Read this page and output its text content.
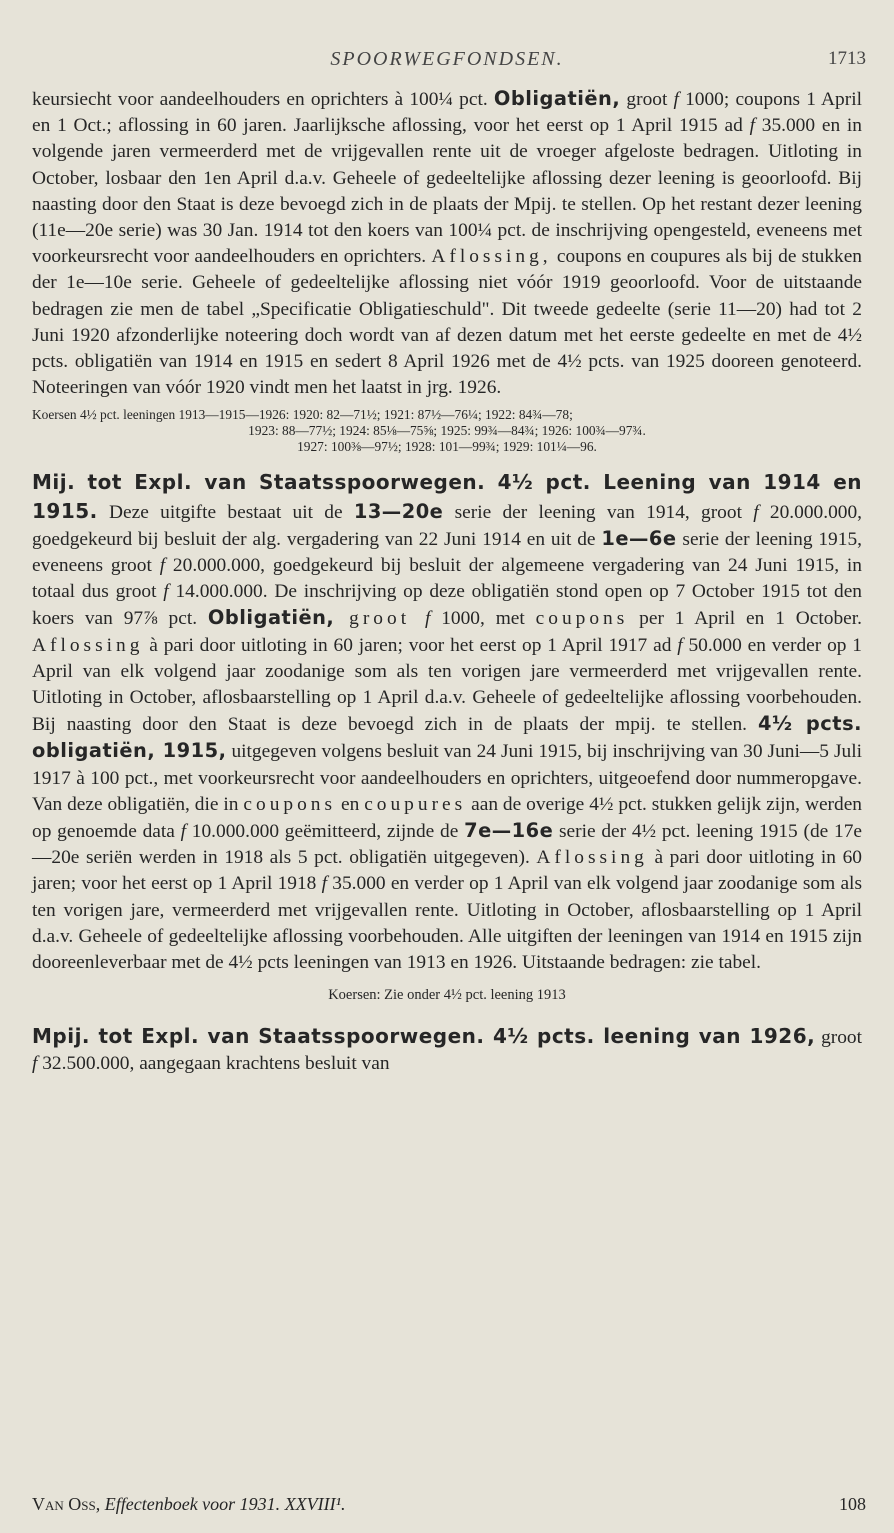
SPOORWEGFONDSEN.	1713

keursiecht voor aandeelhouders en oprichters à 100¼ pct. Obligatiën, groot f 1000; coupons 1 April en 1 Oct.; aflossing in 60 jaren. Jaarlijksche aflossing, voor het eerst op 1 April 1915 ad f 35.000 en in volgende jaren vermeerderd met de vrijgevallen rente uit de vroeger afgeloste bedragen. Uitloting in October, losbaar den 1en April d.a.v. Geheele of gedeeltelijke aflossing dezer leening is geoorloofd. Bij naasting door den Staat is deze bevoegd zich in de plaats der Mpij. te stellen. Op het restant dezer leening (11e—20e serie) was 30 Jan. 1914 tot den koers van 100¼ pct. de inschrijving opengesteld, eveneens met voorkeursrecht voor aandeelhouders en oprichters. Aflossing, coupons en coupures als bij de stukken der 1e—10e serie. Geheele of gedeeltelijke aflossing niet vóór 1919 geoorloofd. Voor de uitstaande bedragen zie men de tabel „Specificatie Obligatieschuld". Dit tweede gedeelte (serie 11—20) had tot 2 Juni 1920 afzonderlijke noteering doch wordt van af dezen datum met het eerste gedeelte en met de 4½ pcts. obligatiën van 1914 en 1915 en sedert 8 April 1926 met de 4½ pcts. van 1925 dooreen genoteerd. Noteeringen van vóór 1920 vindt men het laatst in jrg. 1926.

Koersen 4½ pct. leeningen 1913—1915—1926: 1920: 82—71½; 1921: 87½—76¼; 1922: 84¾—78;
1923: 88—77½; 1924: 85⅛—75⅝; 1925: 99¾—84¾; 1926: 100¾—97¾.
1927: 100⅜—97½; 1928: 101—99¾; 1929: 101¼—96.

Mij. tot Expl. van Staatsspoorwegen. 4½ pct. Leening van 1914 en 1915. Deze uitgifte bestaat uit de 13—20e serie der leening van 1914, groot f 20.000.000, goedgekeurd bij besluit der alg. vergadering van 22 Juni 1914 en uit de 1e—6e serie der leening 1915, eveneens groot f 20.000.000, goedgekeurd bij besluit der algemeene vergadering van 24 Juni 1915, in totaal dus groot f 14.000.000. De inschrijving op deze obligatiën stond open op 7 October 1915 tot den koers van 97⅞ pct. Obligatiën, groot f 1000, met coupons per 1 April en 1 October. Aflossing à pari door uitloting in 60 jaren; voor het eerst op 1 April 1917 ad f 50.000 en verder op 1 April van elk volgend jaar zoodanige som als ten vorigen jare vermeerderd met vrijgevallen rente. Uitloting in October, aflosbaarstelling op 1 April d.a.v. Geheele of gedeeltelijke aflossing voorbehouden. Bij naasting door den Staat is deze bevoegd zich in de plaats der mpij. te stellen. 4½ pcts. obligatiën, 1915, uitgegeven volgens besluit van 24 Juni 1915, bij inschrijving van 30 Juni—5 Juli 1917 à 100 pct., met voorkeursrecht voor aandeelhouders en oprichters, uitgeoefend door nummeropgave. Van deze obligatiën, die in coupons en coupures aan de overige 4½ pct. stukken gelijk zijn, werden op genoemde data f 10.000.000 geëmitteerd, zijnde de 7e—16e serie der 4½ pct. leening 1915 (de 17e—20e seriën werden in 1918 als 5 pct. obligatiën uitgegeven). Aflossing à pari door uitloting in 60 jaren; voor het eerst op 1 April 1918 f 35.000 en verder op 1 April van elk volgend jaar zoodanige som als ten vorigen jare, vermeerderd met vrijgevallen rente. Uitloting in October, aflosbaarstelling op 1 April d.a.v. Geheele of gedeeltelijke aflossing voorbehouden. Alle uitgiften der leeningen van 1914 en 1915 zijn dooreenleverbaar met de 4½ pcts leeningen van 1913 en 1926. Uitstaande bedragen: zie tabel.

Koersen: Zie onder 4½ pct. leening 1913

Mpij. tot Expl. van Staatsspoorwegen. 4½ pcts. leening van 1926, groot f 32.500.000, aangegaan krachtens besluit van

Van Oss, Effectenboek voor 1931. XXVIII¹.	108
